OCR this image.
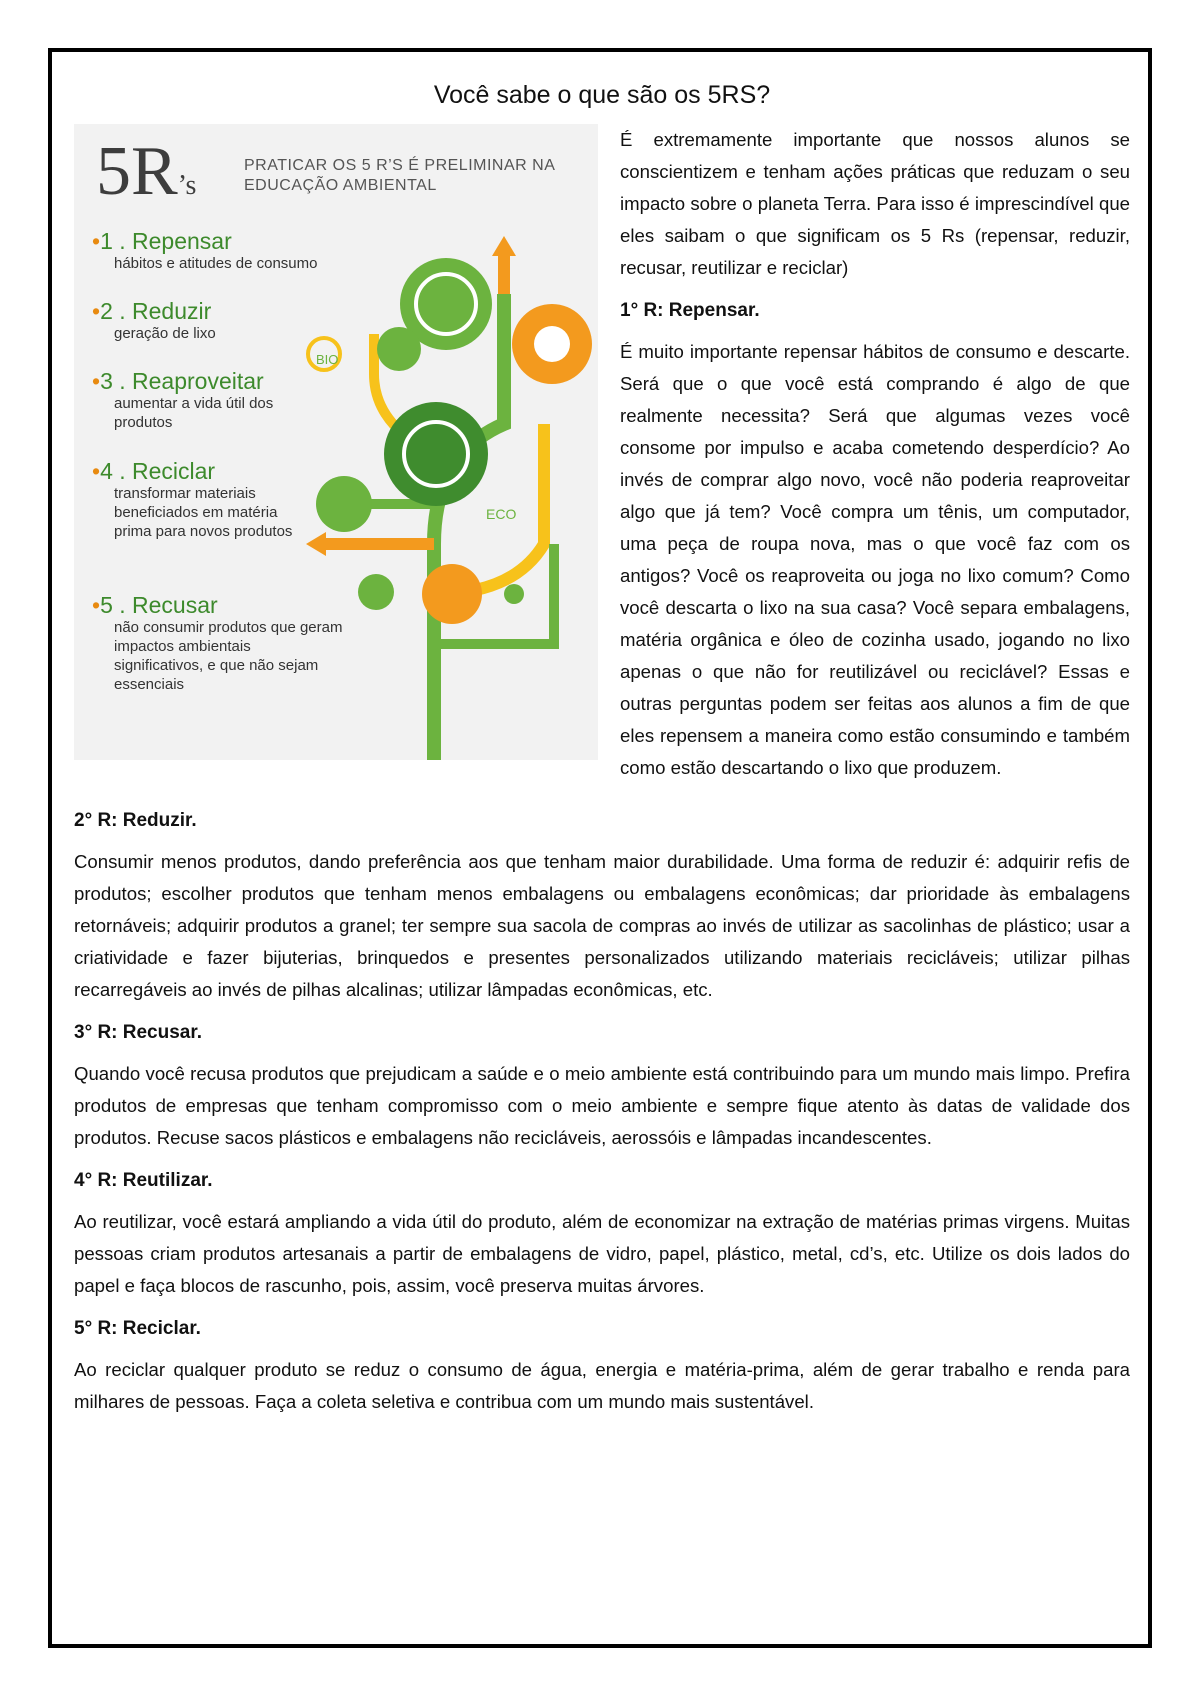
Você sabe o que são os 5RS?
BIO
ECO
5R’s
PRATICAR OS 5 R’S É PRELIMINAR NA EDUCAÇÃO AMBIENTAL
•1 . Repensar
hábitos e atitudes de consumo
•2 . Reduzir
geração de lixo
•3 . Reaproveitar
aumentar a vida útil dos produtos
•4 . Reciclar
transformar materiais beneficiados em matéria prima para novos produtos
•5 . Recusar
não consumir produtos que geram impactos ambientais significativos, e que não sejam essenciais

É extremamente importante que nossos alunos se conscientizem e tenham ações práticas que reduzam o seu impacto sobre o planeta Terra. Para isso é imprescindível que eles saibam o que significam os 5 Rs (repensar, reduzir, recusar, reutilizar e reciclar)

1° R: Repensar.

É muito importante repensar hábitos de consumo e descarte. Será que o que você está comprando é algo de que realmente necessita? Será que algumas vezes você consome por impulso e acaba cometendo desperdício? Ao invés de comprar algo novo, você não poderia reaproveitar algo que já tem? Você compra um tênis, um computador, uma peça de roupa nova, mas o que você faz com os antigos? Você os reaproveita ou joga no lixo comum? Como você descarta o lixo na sua casa? Você separa embalagens, matéria orgânica e óleo de cozinha usado, jogando no lixo apenas o que não for reutilizável ou reciclável? Essas e outras perguntas podem ser feitas aos alunos a fim de que eles repensem a maneira como estão consumindo e também como estão descartando o lixo que produzem.

2° R: Reduzir.

Consumir menos produtos, dando preferência aos que tenham maior durabilidade. Uma forma de reduzir é: adquirir refis de produtos; escolher produtos que tenham menos embalagens ou embalagens econômicas; dar prioridade às embalagens retornáveis; adquirir produtos a granel; ter sempre sua sacola de compras ao invés de utilizar as sacolinhas de plástico; usar a criatividade e fazer bijuterias, brinquedos e presentes personalizados utilizando materiais recicláveis; utilizar pilhas recarregáveis ao invés de pilhas alcalinas; utilizar lâmpadas econômicas, etc.

3° R: Recusar.

Quando você recusa produtos que prejudicam a saúde e o meio ambiente está contribuindo para um mundo mais limpo. Prefira produtos de empresas que tenham compromisso com o meio ambiente e sempre fique atento às datas de validade dos produtos. Recuse sacos plásticos e embalagens não recicláveis, aerossóis e lâmpadas incandescentes.

4° R: Reutilizar.

Ao reutilizar, você estará ampliando a vida útil do produto, além de economizar na extração de matérias primas virgens. Muitas pessoas criam produtos artesanais a partir de embalagens de vidro, papel, plástico, metal, cd’s, etc. Utilize os dois lados do papel e faça blocos de rascunho, pois, assim, você preserva muitas árvores.

5° R: Reciclar.

Ao reciclar qualquer produto se reduz o consumo de água, energia e matéria-prima, além de gerar trabalho e renda para milhares de pessoas. Faça a coleta seletiva e contribua com um mundo mais sustentável.
